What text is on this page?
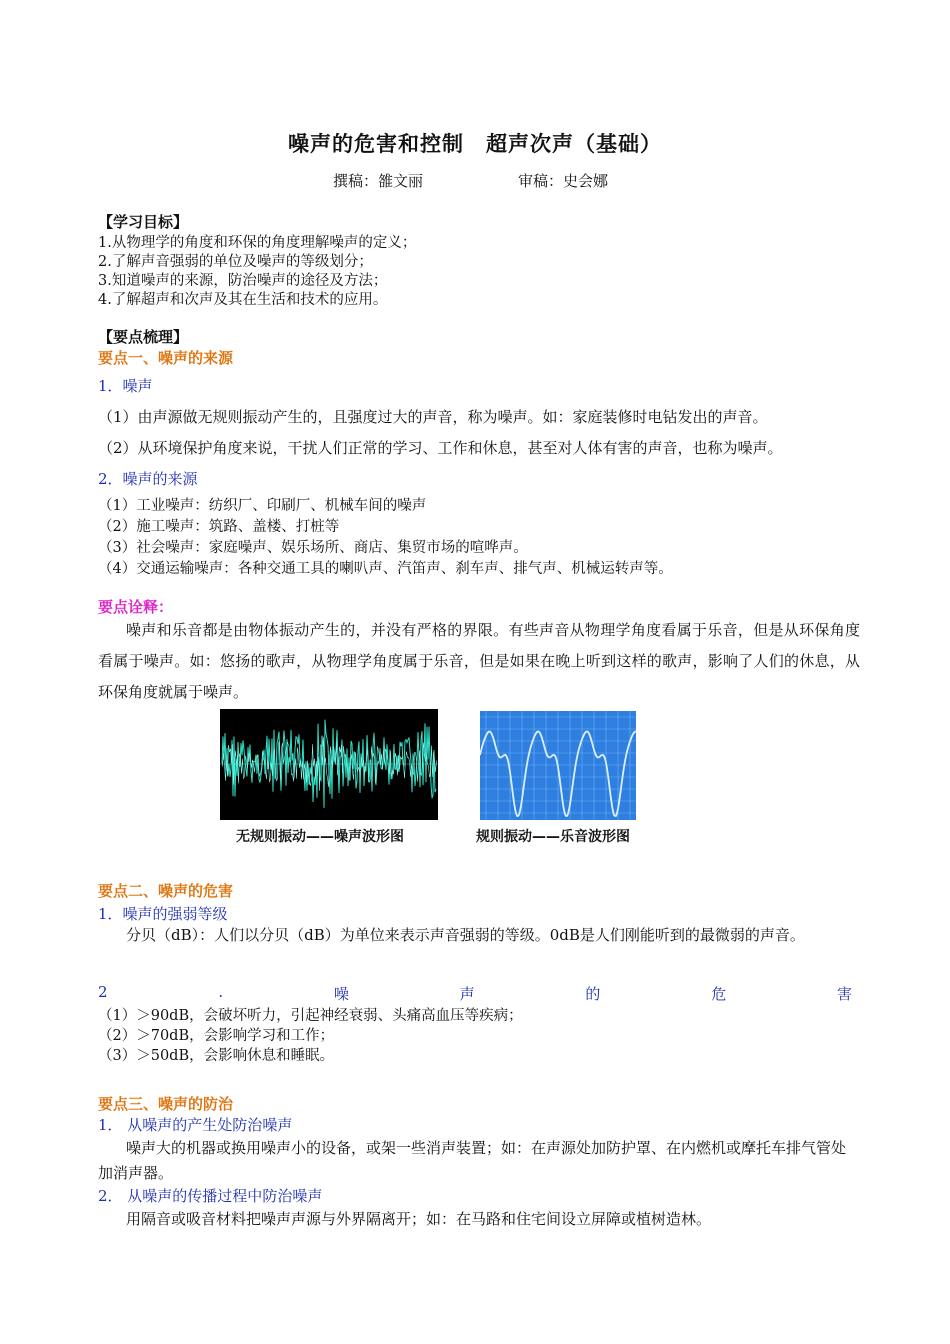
噪声的危害和控制　超声次声（基础）
撰稿：雒文丽	审稿：史会娜
【学习目标】
1.从物理学的角度和环保的角度理解噪声的定义；
2.了解声音强弱的单位及噪声的等级划分；
3.知道噪声的来源，防治噪声的途径及方法；
4.了解超声和次声及其在生活和技术的应用。
【要点梳理】
要点一、噪声的来源
1．噪声
（1）由声源做无规则振动产生的，且强度过大的声音，称为噪声。如：家庭装修时电钻发出的声音。
（2）从环境保护角度来说，干扰人们正常的学习、工作和休息，甚至对人体有害的声音，也称为噪声。
2．噪声的来源
（1）工业噪声：纺织厂、印刷厂、机械车间的噪声
（2）施工噪声：筑路、盖楼、打桩等
（3）社会噪声：家庭噪声、娱乐场所、商店、集贸市场的喧哗声。
（4）交通运输噪声：各种交通工具的喇叭声、汽笛声、刹车声、排气声、机械运转声等。
要点诠释：
噪声和乐音都是由物体振动产生的，并没有严格的界限。有些声音从物理学角度看属于乐音，但是从环保角度看属于噪声。如：悠扬的歌声，从物理学角度属于乐音，但是如果在晚上听到这样的歌声，影响了人们的休息，从环保角度就属于噪声。
无规则振动——噪声波形图	规则振动——乐音波形图
要点二、噪声的危害
1．噪声的强弱等级
分贝（dB）：人们以分贝（dB）为单位来表示声音强弱的等级。0dB是人们刚能听到的最微弱的声音。
2	.	噪	声	的	危	害
（1）＞90dB，会破坏听力，引起神经衰弱、头痛高血压等疾病；
（2）＞70dB，会影响学习和工作；
（3）＞50dB，会影响休息和睡眠。
要点三、噪声的防治
1． 从噪声的产生处防治噪声
噪声大的机器或换用噪声小的设备，或架一些消声装置；如：在声源处加防护罩、在内燃机或摩托车排气管处加消声器。
2． 从噪声的传播过程中防治噪声
用隔音或吸音材料把噪声声源与外界隔离开；如：在马路和住宅间设立屏障或植树造林。
